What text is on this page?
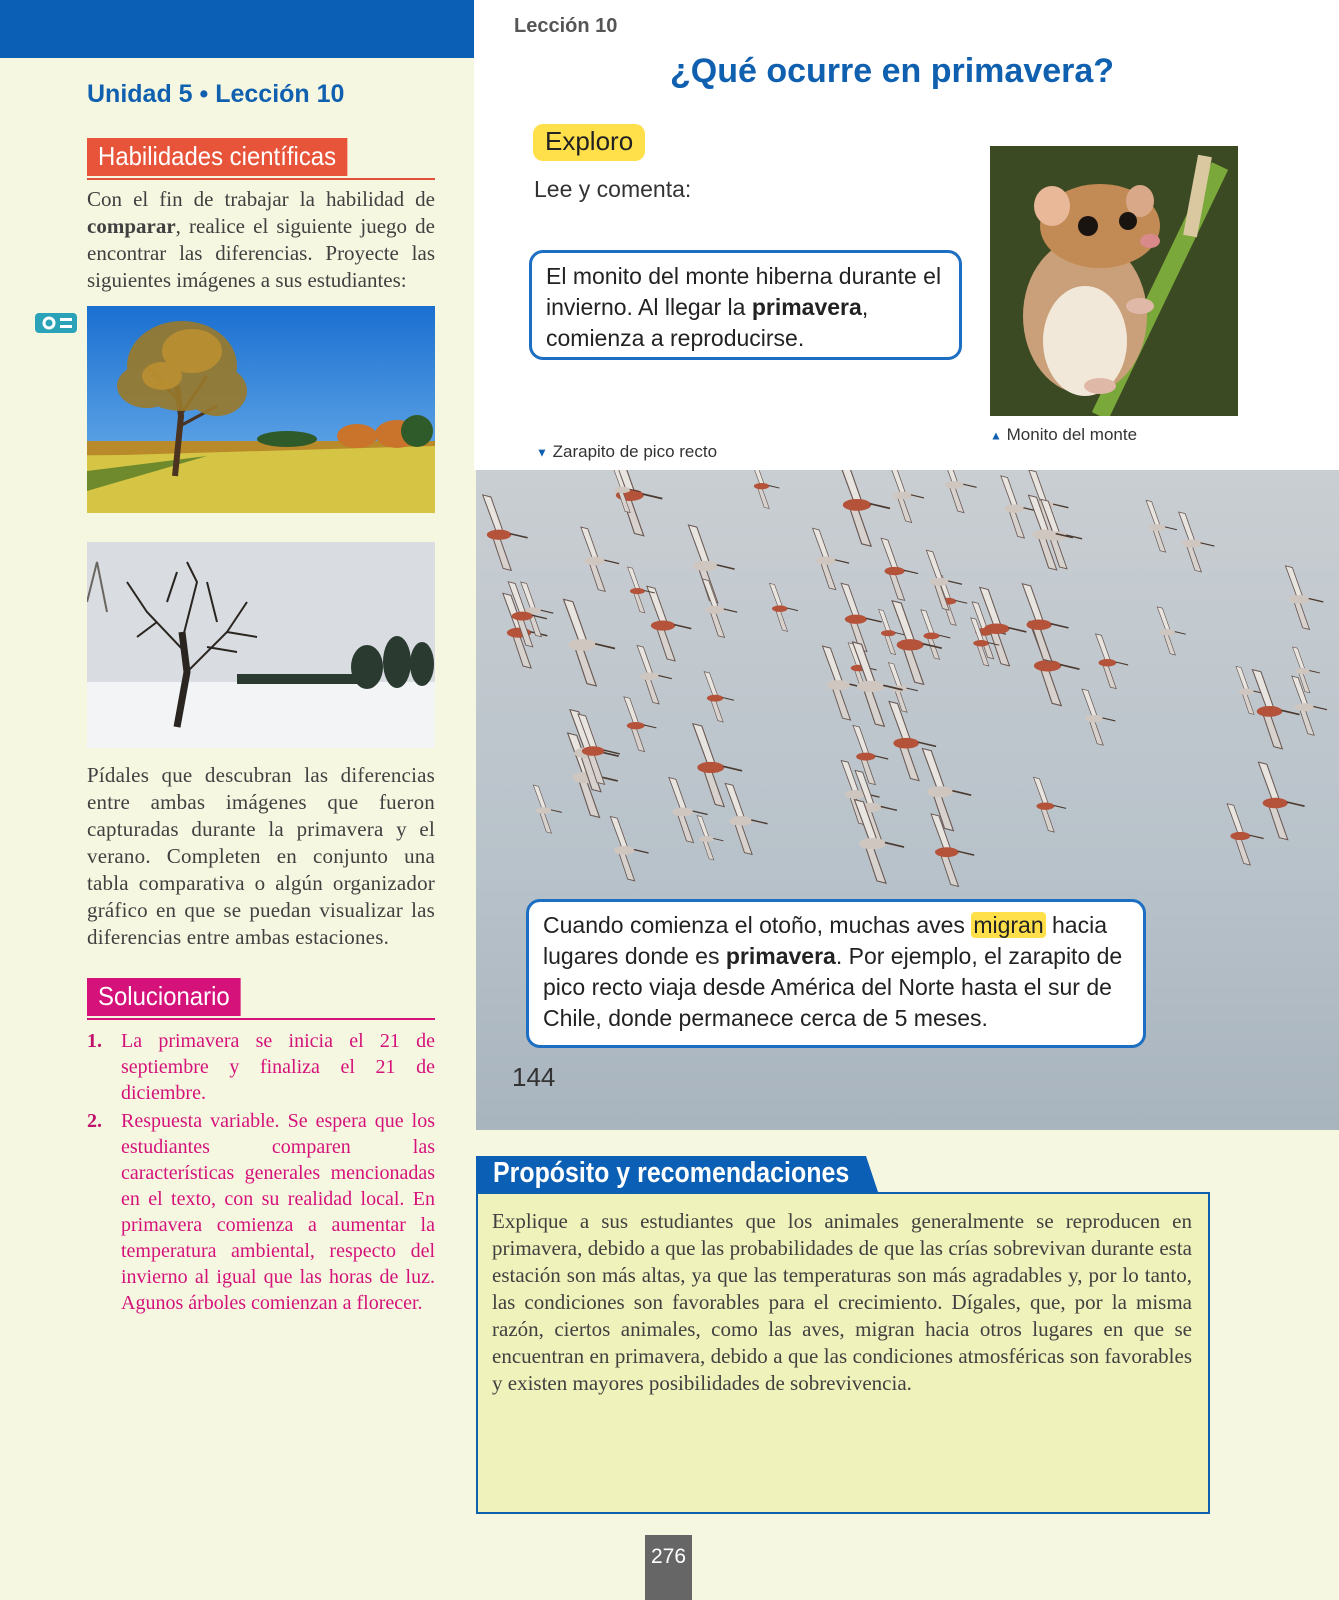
Unidad 5 • Lección 10
Habilidades científicas
Con el fin de trabajar la habilidad de comparar, realice el siguiente juego de encontrar las diferencias. Proyecte las siguientes imágenes a sus estudiantes:
Pídales que descubran las diferencias entre ambas imágenes que fueron capturadas durante la primavera y el verano. Completen en conjunto una tabla comparativa o algún organizador gráfico en que se puedan visualizar las diferencias entre ambas estaciones.
Solucionario
1. La primavera se inicia el 21 de septiembre y finaliza el 21 de diciembre.
2. Respuesta variable. Se espera que los estudiantes comparen las características generales mencionadas en el texto, con su realidad local. En primavera comienza a aumentar la temperatura ambiental, respecto del invierno al igual que las horas de luz. Agunos árboles comienzan a florecer.
Lección 10
¿Qué ocurre en primavera?
Exploro
Lee y comenta:
El monito del monte hiberna durante el invierno. Al llegar la primavera, comienza a reproducirse.
▲ Monito del monte
▼ Zarapito de pico recto
Cuando comienza el otoño, muchas aves migran hacia lugares donde es primavera. Por ejemplo, el zarapito de pico recto viaja desde América del Norte hasta el sur de Chile, donde permanece cerca de 5 meses.
144
Propósito y recomendaciones
Explique a sus estudiantes que los animales generalmente se reproducen en primavera, debido a que las probabilidades de que las crías sobrevivan durante esta estación son más altas, ya que las temperaturas son más agradables y, por lo tanto, las condiciones son favorables para el crecimiento. Dígales, que, por la misma razón, ciertos animales, como las aves, migran hacia otros lugares en que se encuentran en primavera, debido a que las condiciones atmosféricas son favorables y existen mayores posibilidades de sobrevivencia.
276
